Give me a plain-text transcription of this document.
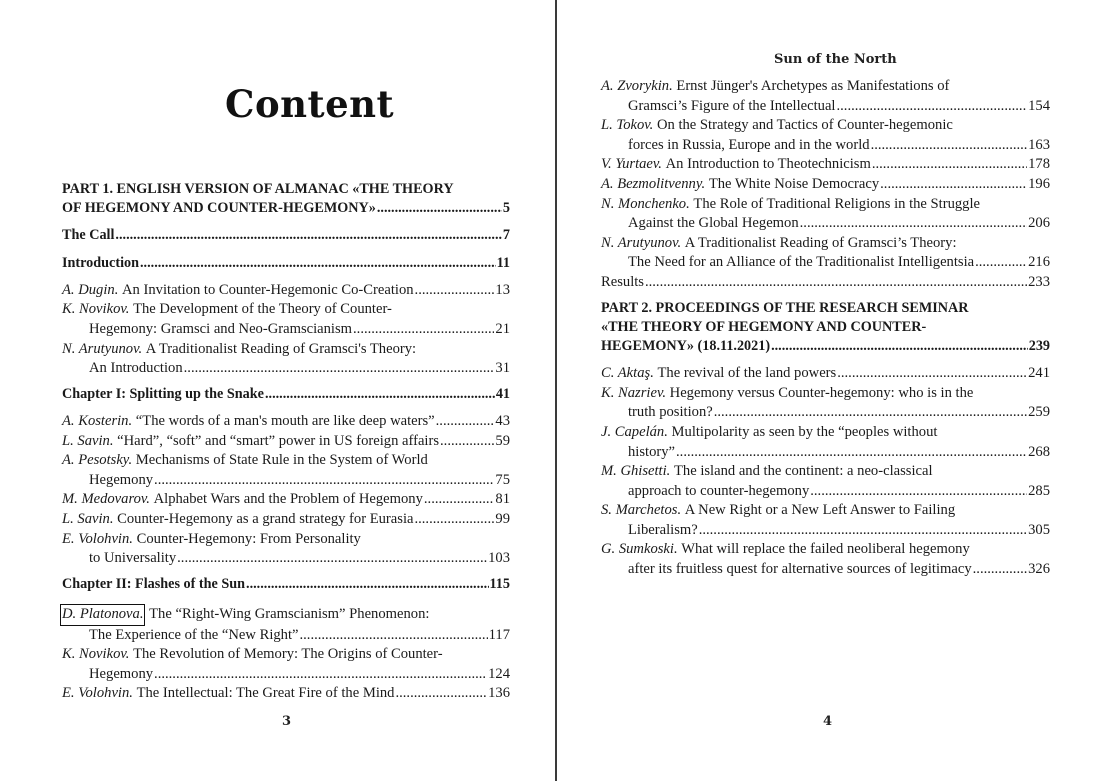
Content
PART 1. ENGLISH VERSION OF ALMANAC «THE THEORY
OF HEGEMONY AND COUNTER-HEGEMONY» .....	5
The Call .....	7
Introduction .....	11
A. Dugin.
An Invitation to Counter-Hegemonic Co-Creation .....	13
K. Novikov.
The Development of the Theory of Counter-
Hegemony: Gramsci and Neo-Gramscianism .....	21
N. Arutyunov.
A Traditionalist Reading of Gramsci's Theory:
An Introduction .....	31
Chapter I: Splitting up the Snake .....	41
A. Kosterin.
“The words of a man's mouth are like deep waters” .....	43
L. Savin.
“Hard”, “soft” and “smart” power in US foreign affairs .....	59
A. Pesotsky.
Mechanisms of State Rule in the System of World
Hegemony .....	75
M. Medovarov.
Alphabet Wars and the Problem of Hegemony .....	81
L. Savin.
Counter-Hegemony as a grand strategy for Eurasia .....	99
E. Volohvin.
Counter-Hegemony: From Personality
to Universality .....	103
Chapter II: Flashes of the Sun .....	115
D. Platonova.
The “Right-Wing Gramscianism” Phenomenon:
The Experience of the “New Right” .....	117
K. Novikov.
The Revolution of Memory: The Origins of Counter-
Hegemony .....	124
E. Volohvin.
The Intellectual: The Great Fire of the Mind .....	136
3
Sun of the North
A. Zvorykin.
Ernst Jünger's Archetypes as Manifestations of
Gramsci’s Figure of the Intellectual .....	154
L. Tokov.
On the Strategy and Tactics of Counter-hegemonic
forces in Russia, Europe and in the world .....	163
V. Yurtaev.
An Introduction to Theotechnicism .....	178
A. Bezmolitvenny.
The White Noise Democracy .....	196
N. Monchenko.
The Role of Traditional Religions in the Struggle
Against the Global Hegemon .....	206
N. Arutyunov.
A Traditionalist Reading of Gramsci’s Theory:
The Need for an Alliance of the Traditionalist Intelligentsia .....	216
Results .....	233
PART 2. PROCEEDINGS OF THE RESEARCH SEMINAR
«THE THEORY OF HEGEMONY AND COUNTER-
HEGEMONY» (18.11.2021) .....	239
C. Aktaş.
The revival of the land powers .....	241
K. Nazriev.
Hegemony versus Counter-hegemony: who is in the
truth position? .....	259
J. Capelán.
Multipolarity as seen by the “peoples without
history” .....	268
M. Ghisetti.
The island and the continent: a neo-classical
approach to counter-hegemony .....	285
S. Marchetos.
A New Right or a New Left Answer to Failing
Liberalism? .....	305
G. Sumkoski.
What will replace the failed neoliberal hegemony
after its fruitless quest for alternative sources of legitimacy .....	326
4
